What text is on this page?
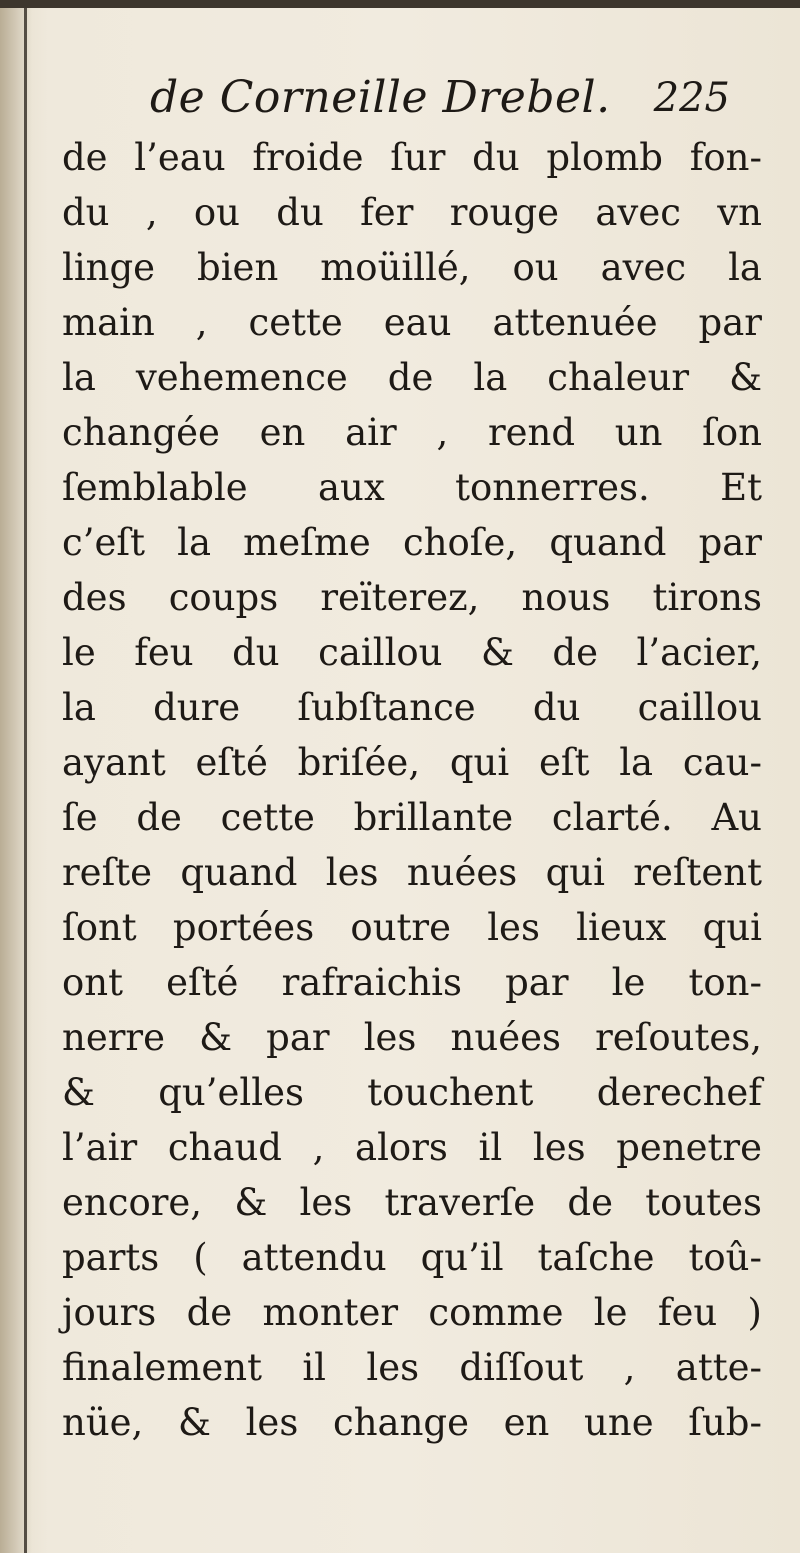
de Corneille Drebel. 225
de l’eau froide ſur du plomb fon-
du , ou du fer rouge avec vn
linge bien moüillé, ou avec la
main , cette eau attenuée par
la vehemence de la chaleur &
changée en air , rend un ſon
ſemblable aux tonnerres. Et
c’eſt la meſme choſe, quand par
des coups reïterez, nous tirons
le feu du caillou & de l’acier,
la dure ſubſtance du caillou
ayant eſté briſée, qui eſt la cau-
ſe de cette brillante clarté. Au
reſte quand les nuées qui reſtent
ſont portées outre les lieux qui
ont eſté rafraichis par le ton-
nerre & par les nuées reſoutes,
& qu’elles touchent derechef
l’air chaud , alors il les penetre
encore, & les traverſe de toutes
parts ( attendu qu’il taſche toû-
jours de monter comme le feu )
finalement il les diſſout , atte-
nüe, & les change en une ſub-
